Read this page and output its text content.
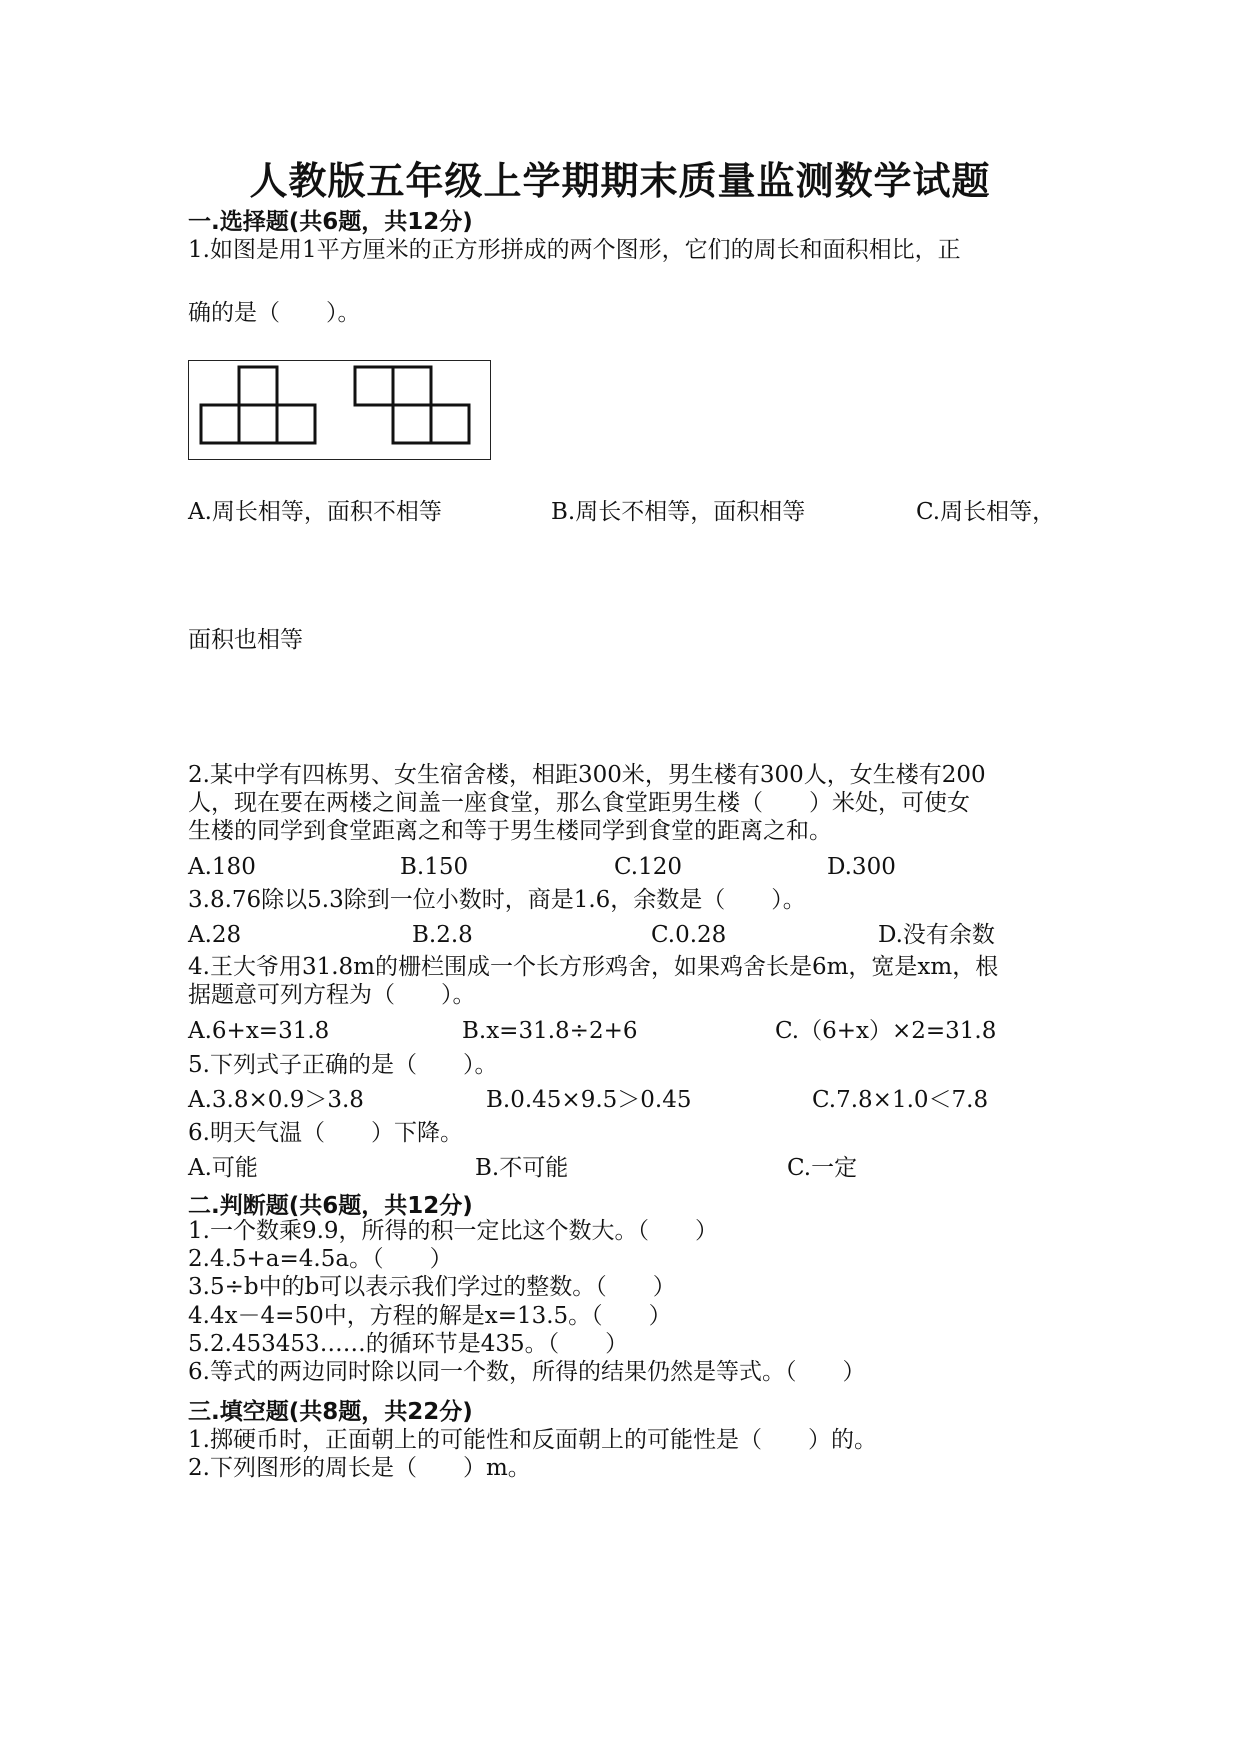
人教版五年级上学期期末质量监测数学试题
一.选择题(共6题，共12分)
1.如图是用1平方厘米的正方形拼成的两个图形，它们的周长和面积相比，正
确的是（　　）。
A.周长相等，面积不相等	B.周长不相等，面积相等	C.周长相等，
面积也相等
2.某中学有四栋男、女生宿舍楼，相距300米，男生楼有300人，女生楼有200
人，现在要在两楼之间盖一座食堂，那么食堂距男生楼（　　）米处，可使女
生楼的同学到食堂距离之和等于男生楼同学到食堂的距离之和。
A.180	B.150	C.120	D.300
3.8.76除以5.3除到一位小数时，商是1.6，余数是（　　）。
A.28	B.2.8	C.0.28	D.没有余数
4.王大爷用31.8m的栅栏围成一个长方形鸡舍，如果鸡舍长是6m，宽是xm，根
据题意可列方程为（　　）。
A.6+x=31.8	B.x=31.8÷2+6	C.（6+x）×2=31.8
5.下列式子正确的是（　　）。
A.3.8×0.9＞3.8	B.0.45×9.5＞0.45	C.7.8×1.0＜7.8
6.明天气温（　　）下降。
A.可能	B.不可能	C.一定
二.判断题(共6题，共12分)
1.一个数乘9.9，所得的积一定比这个数大。（　　）
2.4.5+a=4.5a。（　　）
3.5÷b中的b可以表示我们学过的整数。（　　）
4.4x－4=50中，方程的解是x=13.5。（　　）
5.2.453453……的循环节是435。（　　）
6.等式的两边同时除以同一个数，所得的结果仍然是等式。（　　）
三.填空题(共8题，共22分)
1.掷硬币时，正面朝上的可能性和反面朝上的可能性是（　　）的。
2.下列图形的周长是（　　）m。
